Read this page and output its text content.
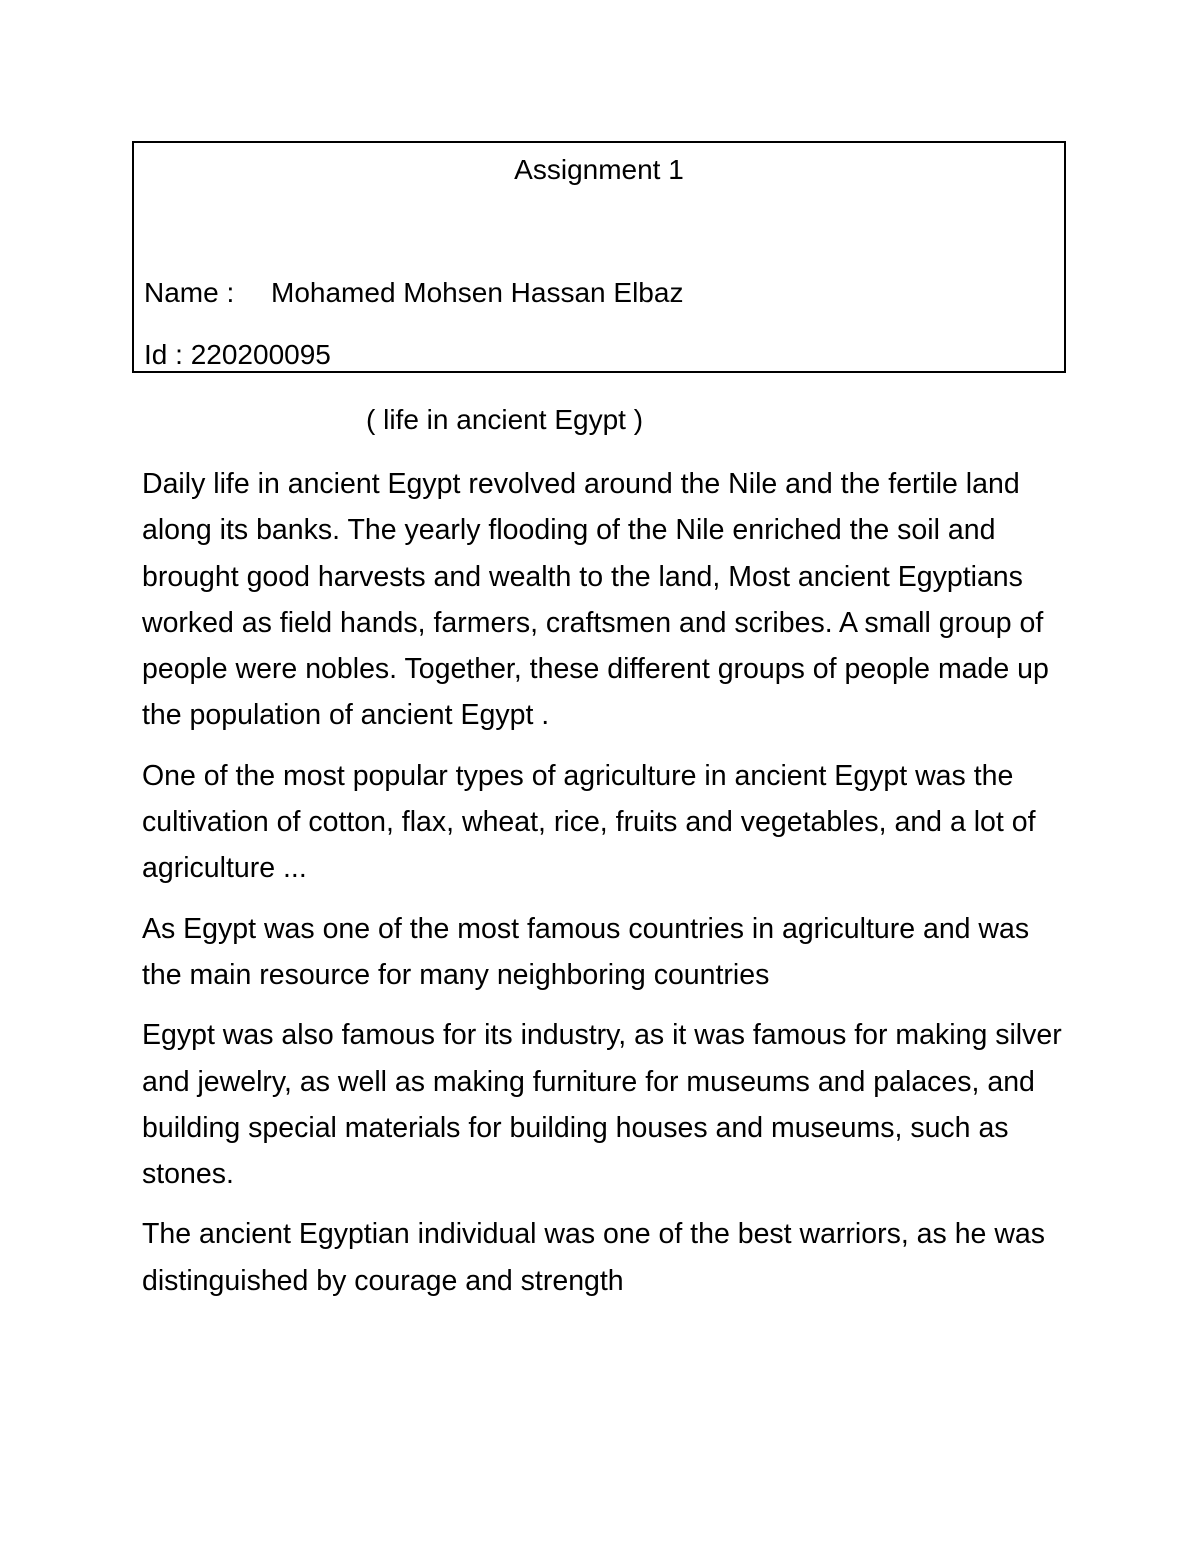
Assignment 1
Name : Mohamed Mohsen Hassan Elbaz
Id : 220200095
( life in ancient Egypt )

Daily life in ancient Egypt revolved around the Nile and the fertile land along its banks. The yearly flooding of the Nile enriched the soil and brought good harvests and wealth to the land, Most ancient Egyptians worked as field hands, farmers, craftsmen and scribes. A small group of people were nobles. Together, these different groups of people made up the population of ancient Egypt .

One of the most popular types of agriculture in ancient Egypt was the cultivation of cotton, flax, wheat, rice, fruits and vegetables, and a lot of agriculture ...

As Egypt was one of the most famous countries in agriculture and was the main resource for many neighboring countries

Egypt was also famous for its industry, as it was famous for making silver and jewelry, as well as making furniture for museums and palaces, and building special materials for building houses and museums, such as stones.

The ancient Egyptian individual was one of the best warriors, as he was distinguished by courage and strength
